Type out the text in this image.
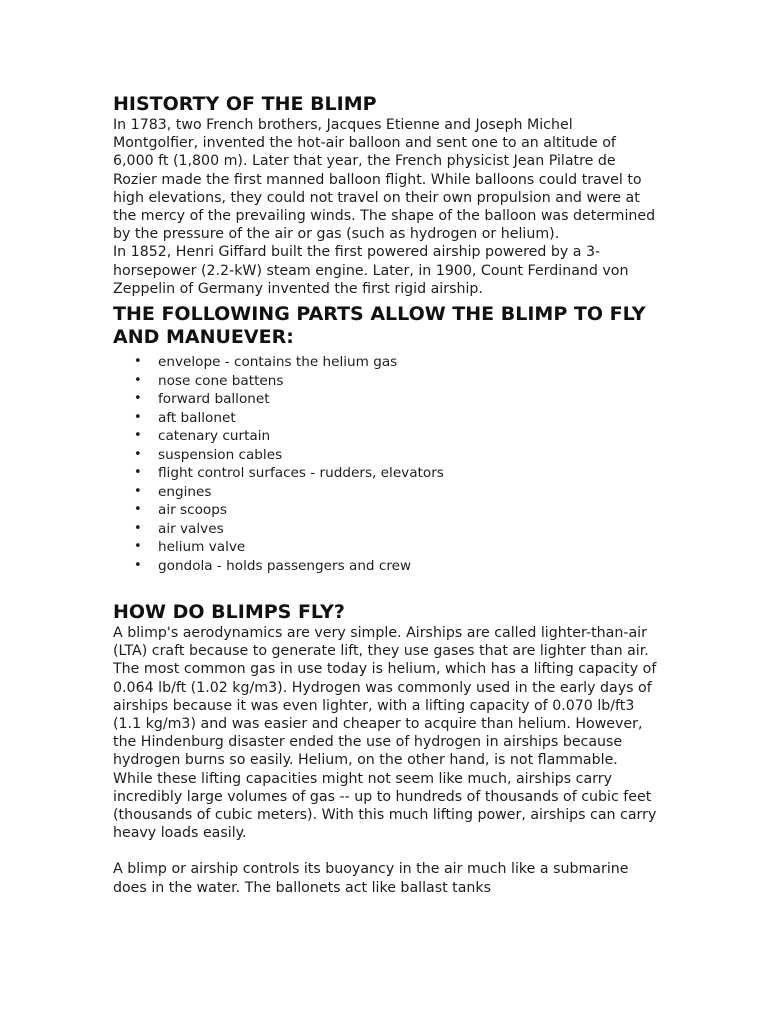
HISTORTY OF THE BLIMP

In 1783, two French brothers, Jacques Etienne and Joseph Michel Montgolfier, invented the hot-air balloon and sent one to an altitude of 6,000 ft (1,800 m). Later that year, the French physicist Jean Pilatre de Rozier made the first manned balloon flight. While balloons could travel to high elevations, they could not travel on their own propulsion and were at the mercy of the prevailing winds. The shape of the balloon was determined by the pressure of the air or gas (such as hydrogen or helium).

In 1852, Henri Giffard built the first powered airship powered by a 3-horsepower (2.2-kW) steam engine. Later, in 1900, Count Ferdinand von Zeppelin of Germany invented the first rigid airship.

THE FOLLOWING PARTS ALLOW THE BLIMP TO FLY AND MANUEVER:
• envelope - contains the helium gas
• nose cone battens
• forward ballonet
• aft ballonet
• catenary curtain
• suspension cables
• flight control surfaces - rudders, elevators
• engines
• air scoops
• air valves
• helium valve
• gondola - holds passengers and crew
HOW DO BLIMPS FLY?

A blimp's aerodynamics are very simple. Airships are called lighter-than-air (LTA) craft because to generate lift, they use gases that are lighter than air. The most common gas in use today is helium, which has a lifting capacity of 0.064 lb/ft (1.02 kg/m3). Hydrogen was commonly used in the early days of airships because it was even lighter, with a lifting capacity of 0.070 lb/ft3 (1.1 kg/m3) and was easier and cheaper to acquire than helium. However, the Hindenburg disaster ended the use of hydrogen in airships because hydrogen burns so easily. Helium, on the other hand, is not flammable.

While these lifting capacities might not seem like much, airships carry incredibly large volumes of gas -- up to hundreds of thousands of cubic feet (thousands of cubic meters). With this much lifting power, airships can carry heavy loads easily.

A blimp or airship controls its buoyancy in the air much like a submarine does in the water. The ballonets act like ballast tanks
